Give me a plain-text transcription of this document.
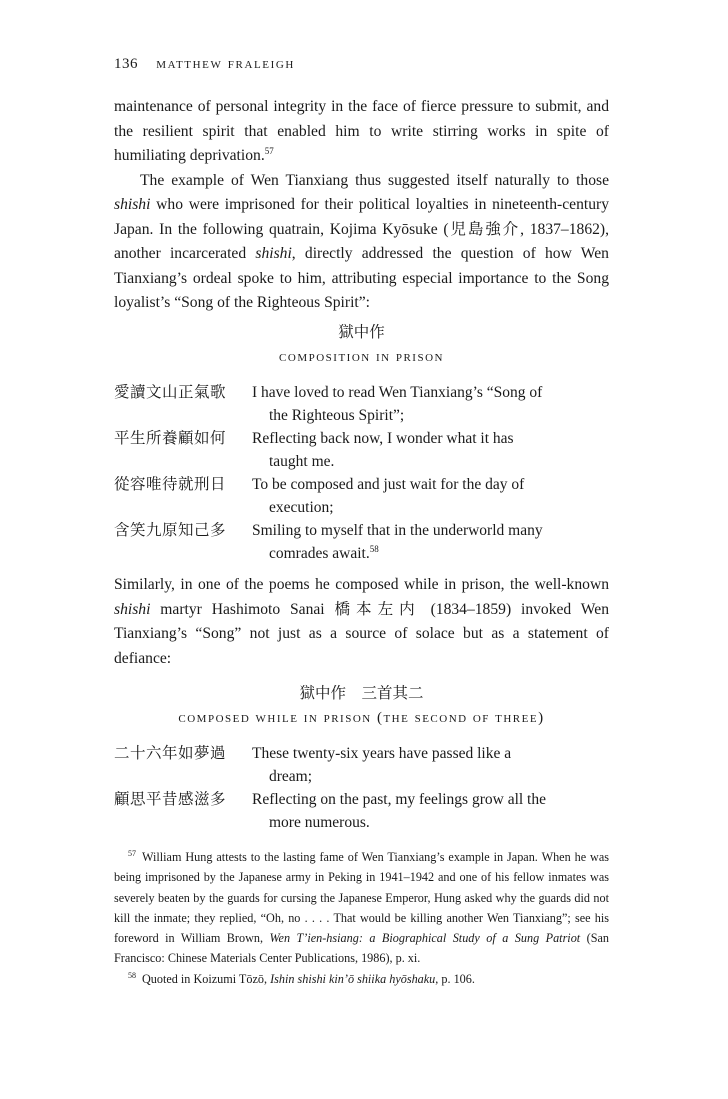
136 matthew fraleigh

maintenance of personal integrity in the face of fierce pressure to submit, and the resilient spirit that enabled him to write stirring works in spite of humiliating deprivation.$^{57}$

The example of Wen Tianxiang thus suggested itself naturally to those shishi who were imprisoned for their political loyalties in nineteenth-century Japan. In the following quatrain, Kojima Kyōsuke (児島強介, 1837–1862), another incarcerated shishi, directly addressed the question of how Wen Tianxiang’s ordeal spoke to him, attributing especial importance to the Song loyalist’s “Song of the Righteous Spirit”:

獄中作
composition in prison
愛讀文山正氣歌 I have loved to read Wen Tianxiang’s “Song of
the Righteous Spirit”;
平生所養顧如何 Reflecting back now, I wonder what it has
taught me.
從容唯待就刑日 To be composed and just wait for the day of
execution;
含笑九原知己多 Smiling to myself that in the underworld many
comrades await.$^{58}$

Similarly, in one of the poems he composed while in prison, the well-known shishi martyr Hashimoto Sanai 橋本左内 (1834–1859) invoked Wen Tianxiang’s “Song” not just as a source of solace but as a statement of defiance:

獄中作　三首其二
composed while in prison (the second of three)
二十六年如夢過 These twenty-six years have passed like a
dream;
顧思平昔感滋多 Reflecting on the past, my feelings grow all the
more numerous.

$^{57}$ William Hung attests to the lasting fame of Wen Tianxiang’s example in Japan. When he was being imprisoned by the Japanese army in Peking in 1941–1942 and one of his fellow inmates was severely beaten by the guards for cursing the Japanese Emperor, Hung asked why the guards did not kill the inmate; they replied, “Oh, no . . . . That would be killing another Wen Tianxiang”; see his foreword in William Brown, Wen T’ien-hsiang: a Biographical Study of a Sung Patriot (San Francisco: Chinese Materials Center Publications, 1986), p. xi.

$^{58}$ Quoted in Koizumi Tōzō, Ishin shishi kin’ō shiika hyōshaku, p. 106.
